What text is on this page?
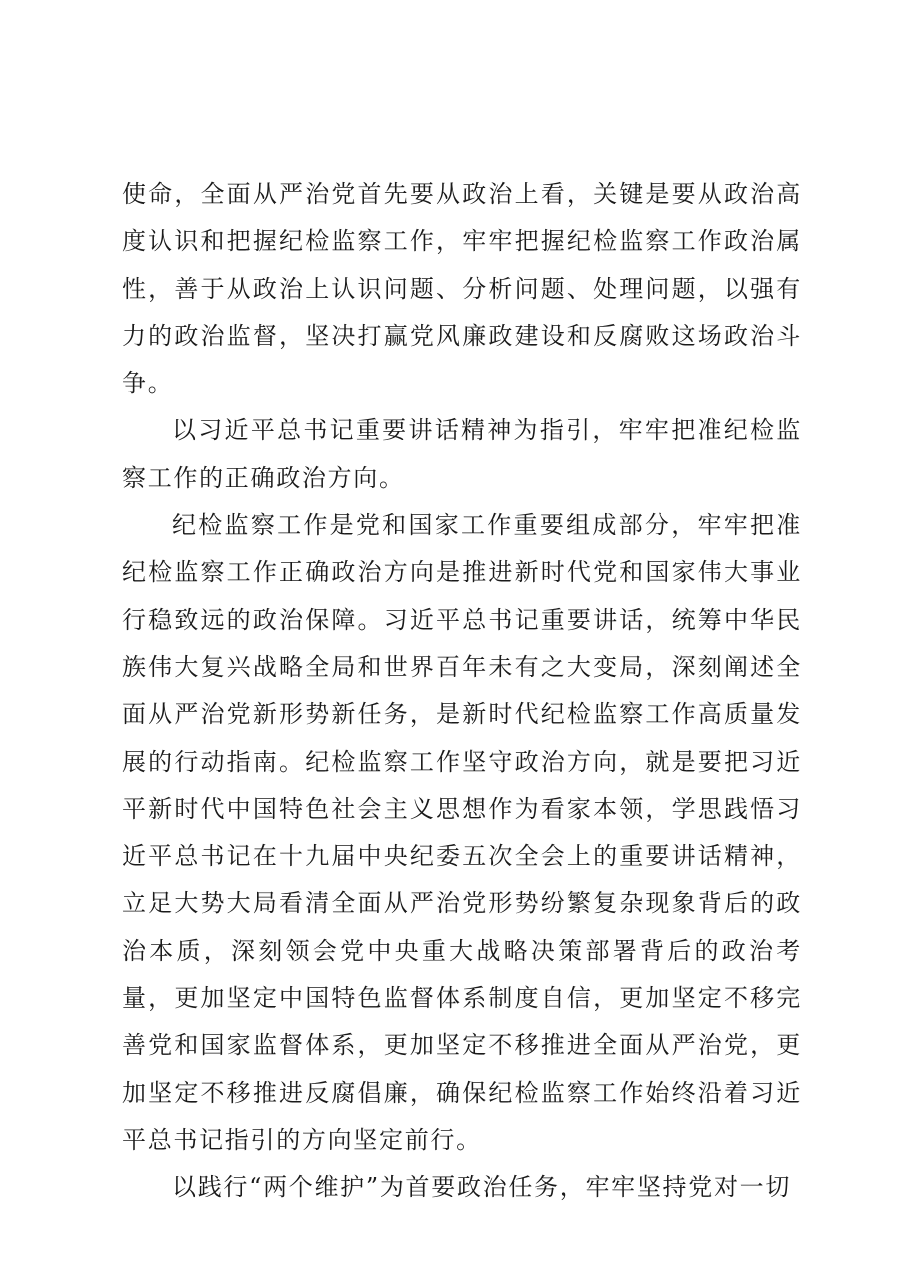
使命，全面从严治党首先要从政治上看，关键是要从政治高度认识和把握纪检监察工作，牢牢把握纪检监察工作政治属性，善于从政治上认识问题、分析问题、处理问题，以强有力的政治监督，坚决打赢党风廉政建设和反腐败这场政治斗争。

以习近平总书记重要讲话精神为指引，牢牢把准纪检监察工作的正确政治方向。

纪检监察工作是党和国家工作重要组成部分，牢牢把准纪检监察工作正确政治方向是推进新时代党和国家伟大事业行稳致远的政治保障。习近平总书记重要讲话，统筹中华民族伟大复兴战略全局和世界百年未有之大变局，深刻阐述全面从严治党新形势新任务，是新时代纪检监察工作高质量发展的行动指南。纪检监察工作坚守政治方向，就是要把习近平新时代中国特色社会主义思想作为看家本领，学思践悟习近平总书记在十九届中央纪委五次全会上的重要讲话精神，立足大势大局看清全面从严治党形势纷繁复杂现象背后的政治本质，深刻领会党中央重大战略决策部署背后的政治考量，更加坚定中国特色监督体系制度自信，更加坚定不移完善党和国家监督体系，更加坚定不移推进全面从严治党，更加坚定不移推进反腐倡廉，确保纪检监察工作始终沿着习近平总书记指引的方向坚定前行。

以践行“两个维护”为首要政治任务，牢牢坚持党对一切
